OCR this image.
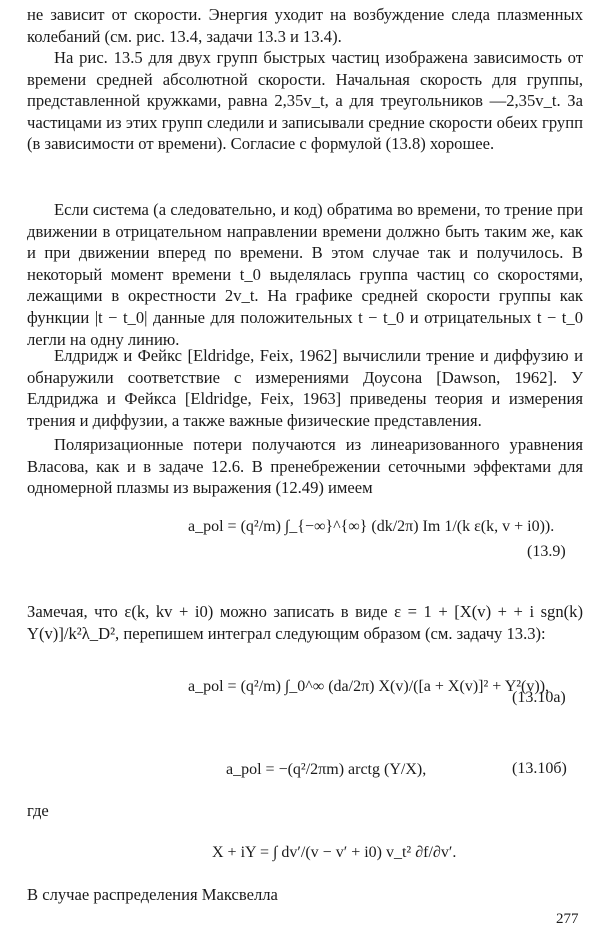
не зависит от скорости. Энергия уходит на возбуждение следа плазменных колебаний (см. рис. 13.4, задачи 13.3 и 13.4).

На рис. 13.5 для двух групп быстрых частиц изображена зависимость от времени средней абсолютной скорости. Начальная скорость для группы, представленной кружками, равна 2,35v_t, а для треугольников —2,35v_t. За частицами из этих групп следили и записывали средние скорости обеих групп (в зависимости от времени). Согласие с формулой (13.8) хорошее.

Если система (а следовательно, и код) обратима во времени, то трение при движении в отрицательном направлении времени должно быть таким же, как и при движении вперед по времени. В этом случае так и получилось. В некоторый момент времени t_0 выделялась группа частиц со скоростями, лежащими в окрестности 2v_t. На графике средней скорости группы как функции |t − t_0| данные для положительных t − t_0 и отрицательных t − t_0 легли на одну линию.

Елдридж и Фейкс [Eldridge, Feix, 1962] вычислили трение и диффузию и обнаружили соответствие с измерениями Доусона [Dawson, 1962]. У Елдриджа и Фейкса [Eldridge, Feix, 1963] приведены теория и измерения трения и диффузии, а также важные физические представления.

Поляризационные потери получаются из линеаризованного уравнения Власова, как и в задаче 12.6. В пренебрежении сеточными эффектами для одномерной плазмы из выражения (12.49) имеем

a_pol = (q²/m) ∫_{−∞}^{∞} (dk/2π) Im 1/(k ε(k, v + i0)).
(13.9)

Замечая, что ε(k, kv + i0) можно записать в виде ε = 1 + [X(v) + + i sgn(k) Y(v)]/k²λ_D², перепишем интеграл следующим образом (см. задачу 13.3):

a_pol = (q²/m) ∫_0^∞ (da/2π) X(v)/([a + X(v)]² + Y²(v)),
(13.10а)
a_pol = −(q²/2πm) arctg (Y/X),	(13.10б)

где

X + iY = ∫ dv′/(v − v′ + i0) v_t² ∂f/∂v′.

В случае распределения Максвелла

277
